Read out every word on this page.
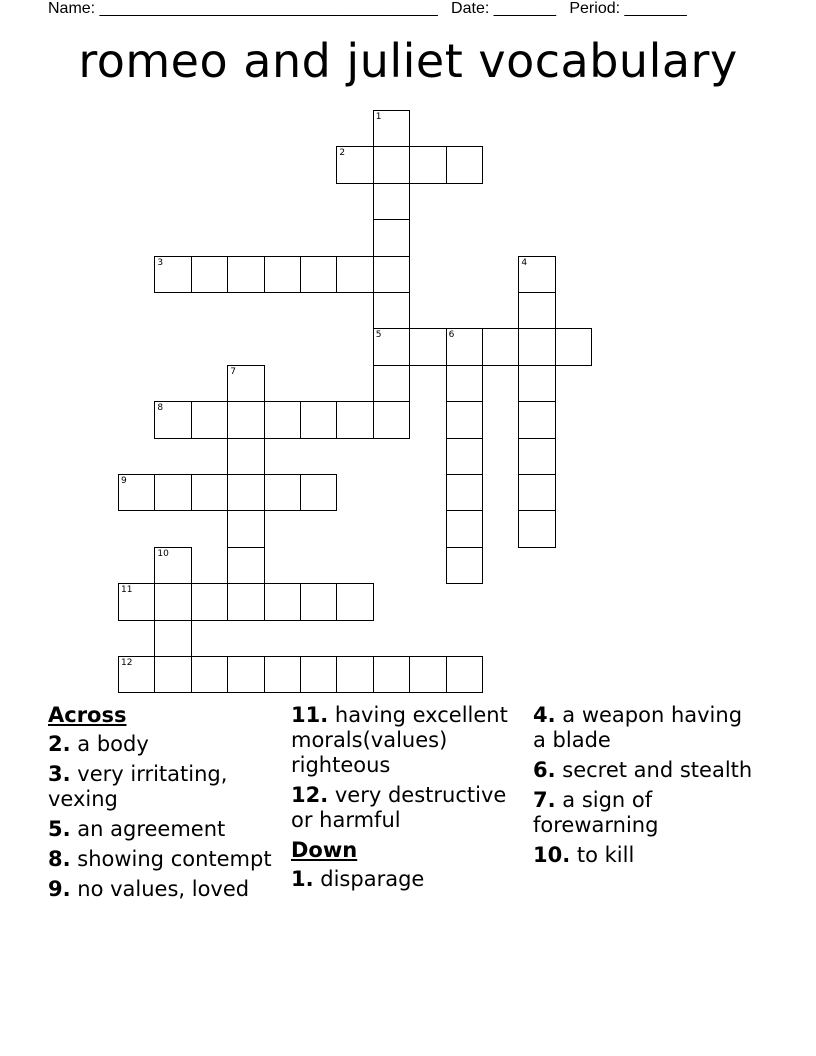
Name: ______________________________________   Date: _______   Period: _______
romeo and juliet vocabulary
1
2
3	4
5	6
7
8
9
10
11
12
Across
2. a body
3. very irritating, vexing
5. an agreement
8. showing contempt
9. no values, loved
11. having excellent morals(values) righteous
12. very destructive or harmful
Down
1. disparage
4. a weapon having a blade
6. secret and stealth
7. a sign of forewarning
10. to kill
